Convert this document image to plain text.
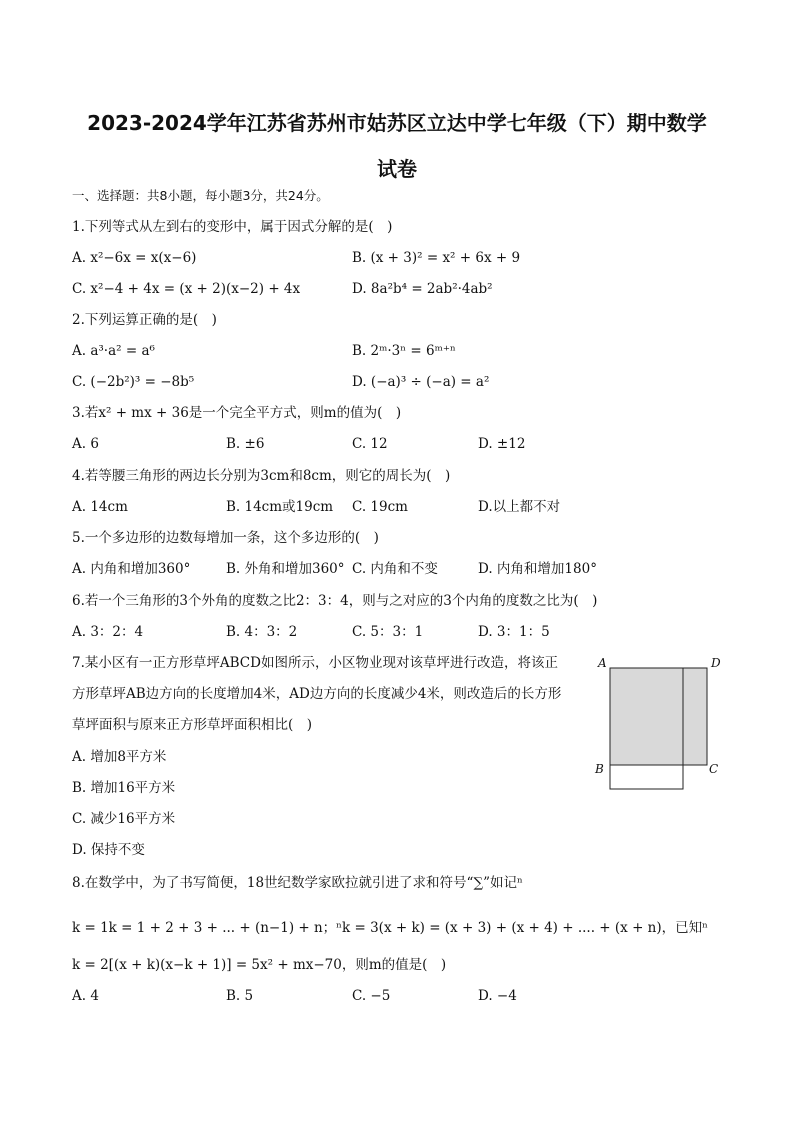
2023-2024学年江苏省苏州市姑苏区立达中学七年级（下）期中数学
试卷
一、选择题：共8小题，每小题3分，共24分。
1.下列等式从左到右的变形中，属于因式分解的是(　)
A. x²−6x = x(x−6)	B. (x + 3)² = x² + 6x + 9
C. x²−4 + 4x = (x + 2)(x−2) + 4x	D. 8a²b⁴ = 2ab²·4ab²
2.下列运算正确的是(　)
A. a³·a² = a⁶	B. 2ᵐ·3ⁿ = 6ᵐ⁺ⁿ
C. (−2b²)³ = −8b⁵	D. (−a)³ ÷ (−a) = a²
3.若x² + mx + 36是一个完全平方式，则m的值为(　)
A. 6	B. ±6	C. 12	D. ±12
4.若等腰三角形的两边长分别为3cm和8cm，则它的周长为(　)
A. 14cm	B. 14cm或19cm C. 19cm	D.以上都不对
5.一个多边形的边数每增加一条，这个多边形的(　)
A. 内角和增加360°	B. 外角和增加360° C. 内角和不变	D. 内角和增加180°
6.若一个三角形的3个外角的度数之比2：3：4，则与之对应的3个内角的度数之比为(　)
A. 3：2：4	B. 4：3：2	C. 5：3：1	D. 3：1：5
7.某小区有一正方形草坪ABCD如图所示，小区物业现对该草坪进行改造，将该正
方形草坪AB边方向的长度增加4米，AD边方向的长度减少4米，则改造后的长方形
草坪面积与原来正方形草坪面积相比(　)
A. 增加8平方米
B. 增加16平方米
C. 减少16平方米
D. 保持不变
A	D
B	C
8.在数学中，为了书写简便，18世纪数学家欧拉就引进了求和符号“∑”如记ⁿ
k = 1k = 1 + 2 + 3 + ... + (n−1) + n；ⁿk = 3(x + k) = (x + 3) + (x + 4) + .... + (x + n)，已知ⁿ
k = 2[(x + k)(x−k + 1)] = 5x² + mx−70，则m的值是(　)
A. 4	B. 5	C. −5	D. −4
